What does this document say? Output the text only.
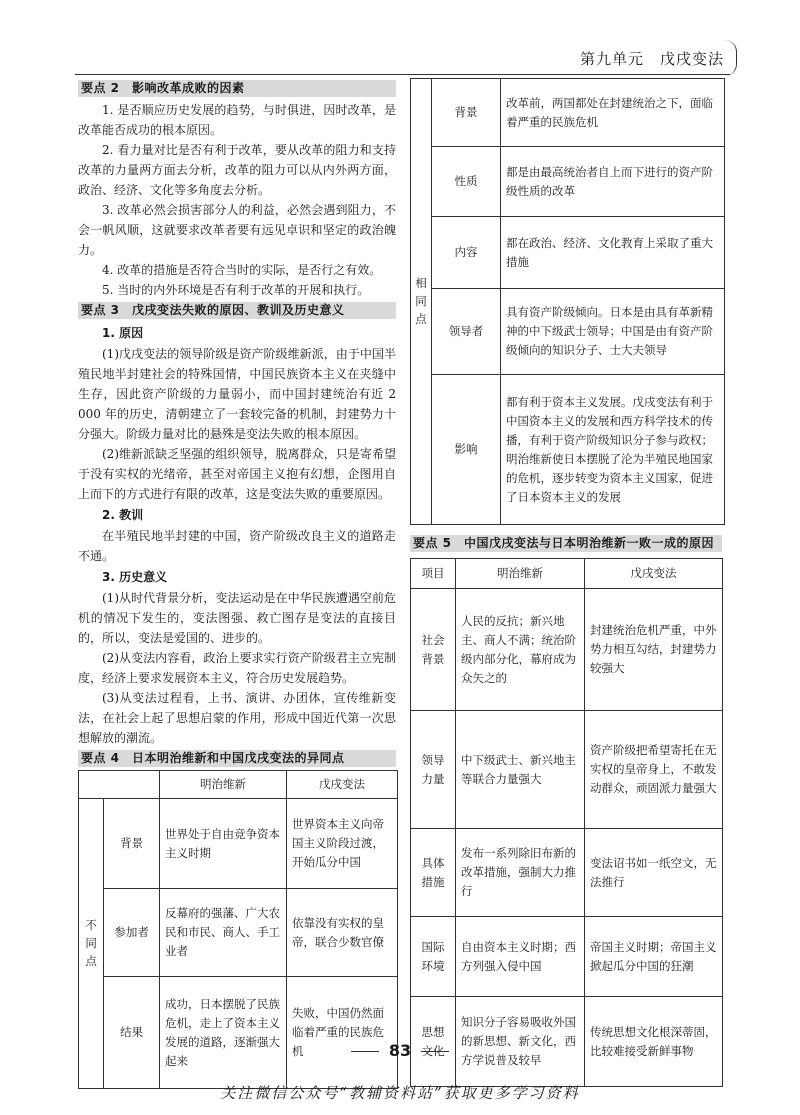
第九单元　戊戌变法
要点 2　影响改革成败的因素

1. 是否顺应历史发展的趋势，与时俱进，因时改革，是改革能否成功的根本原因。

2. 看力量对比是否有利于改革，要从改革的阻力和支持改革的力量两方面去分析，改革的阻力可以从内外两方面，政治、经济、文化等多角度去分析。

3. 改革必然会损害部分人的利益，必然会遇到阻力，不会一帆风顺，这就要求改革者要有远见卓识和坚定的政治魄力。

4. 改革的措施是否符合当时的实际，是否行之有效。

5. 当时的内外环境是否有利于改革的开展和执行。

要点 3　戊戌变法失败的原因、教训及历史意义

1. 原因

(1)戊戌变法的领导阶级是资产阶级维新派，由于中国半殖民地半封建社会的特殊国情，中国民族资本主义在夹缝中生存，因此资产阶级的力量弱小，而中国封建统治有近 2 000 年的历史，清朝建立了一套较完备的机制，封建势力十分强大。阶级力量对比的悬殊是变法失败的根本原因。

(2)维新派缺乏坚强的组织领导，脱离群众，只是寄希望于没有实权的光绪帝，甚至对帝国主义抱有幻想，企图用自上而下的方式进行有限的改革，这是变法失败的重要原因。

2. 教训

在半殖民地半封建的中国，资产阶级改良主义的道路走不通。

3. 历史意义

(1)从时代背景分析，变法运动是在中华民族遭遇空前危机的情况下发生的，变法图强、救亡图存是变法的直接目的，所以，变法是爱国的、进步的。

(2)从变法内容看，政治上要求实行资产阶级君主立宪制度，经济上要求发展资本主义，符合历史发展趋势。

(3)从变法过程看，上书、演讲、办团体，宣传维新变法，在社会上起了思想启蒙的作用，形成中国近代第一次思想解放的潮流。

要点 4　日本明治维新和中国戊戌变法的异同点
		明治维新	戊戌变法
不同点	背景	世界处于自由竞争资本主义时期	世界资本主义向帝国主义阶段过渡，开始瓜分中国
	参加者	反幕府的强藩、广大农民和市民、商人、手工业者	依靠没有实权的皇帝，联合少数官僚
	结果	成功，日本摆脱了民族危机，走上了资本主义发展的道路，逐渐强大起来	失败，中国仍然面临着严重的民族危机
相同点	背景	改革前，两国都处在封建统治之下，面临着严重的民族危机
	性质	都是由最高统治者自上而下进行的资产阶级性质的改革
	内容	都在政治、经济、文化教育上采取了重大措施
	领导者	具有资产阶级倾向。日本是由具有革新精神的中下级武士领导；中国是由有资产阶级倾向的知识分子、士大夫领导
	影响	都有利于资本主义发展。戊戌变法有利于中国资本主义的发展和西方科学技术的传播，有利于资产阶级知识分子参与政权；明治维新使日本摆脱了沦为半殖民地国家的危机，逐步转变为资本主义国家，促进了日本资本主义的发展
要点 5　中国戊戌变法与日本明治维新一败一成的原因
项目	明治维新	戊戌变法
社会背景	人民的反抗；新兴地主、商人不满；统治阶级内部分化，幕府成为众矢之的	封建统治危机严重，中外势力相互勾结，封建势力较强大
领导力量	中下级武士、新兴地主等联合力量强大	资产阶级把希望寄托在无实权的皇帝身上，不敢发动群众，顽固派力量强大
具体措施	发布一系列除旧布新的改革措施，强制大力推行	变法诏书如一纸空文，无法推行
国际环境	自由资本主义时期；西方列强入侵中国	帝国主义时期；帝国主义掀起瓜分中国的狂潮
思想文化	知识分子容易吸收外国的新思想、新文化，西方学说普及较早	传统思想文化根深蒂固，比较难接受新鲜事物
83
关注微信公众号“教辅资料站”获取更多学习资料
